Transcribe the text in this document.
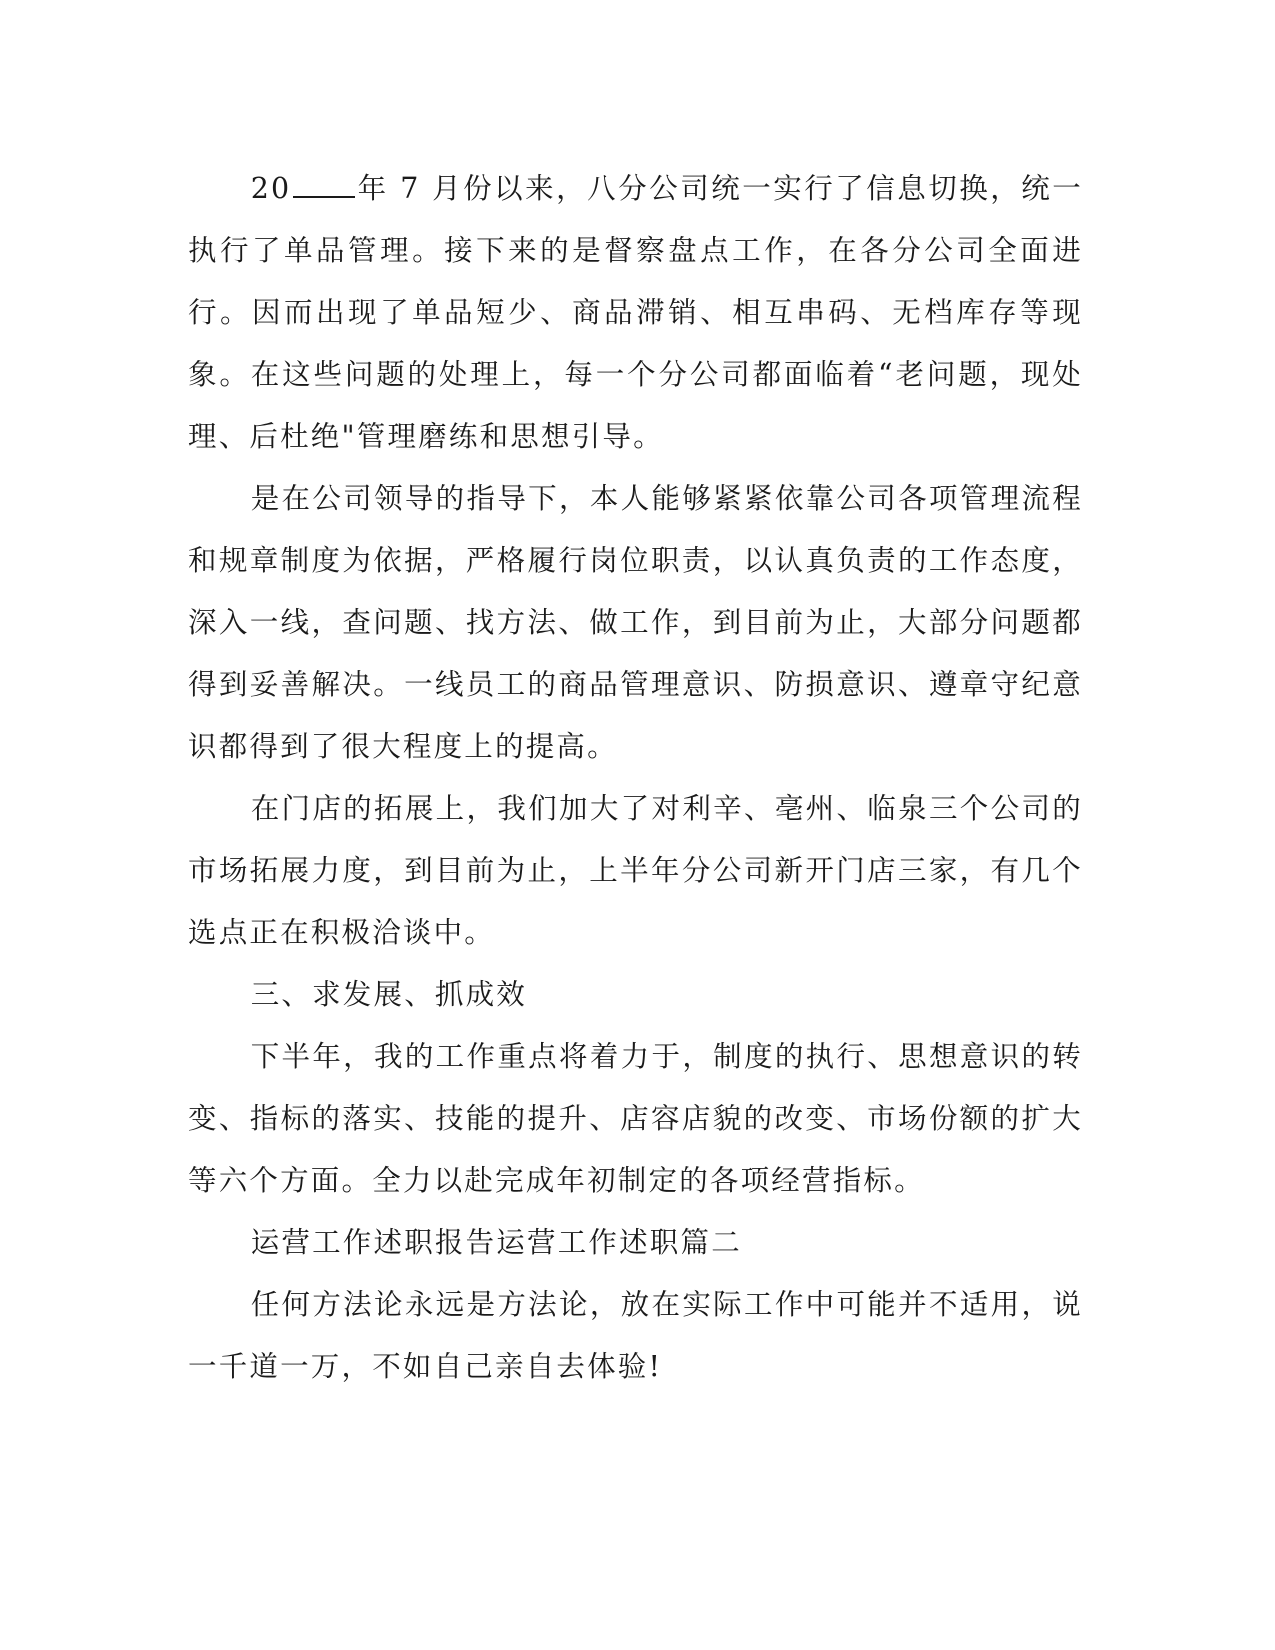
20 年 7 月份以来，八分公司统一实行了信息切换，统一执行了单品管理。接下来的是督察盘点工作，在各分公司全面进行。因而出现了单品短少、商品滞销、相互串码、无档库存等现象。在这些问题的处理上，每一个分公司都面临着“老问题，现处理、后杜绝"管理磨练和思想引导。

是在公司领导的指导下，本人能够紧紧依靠公司各项管理流程和规章制度为依据，严格履行岗位职责，以认真负责的工作态度，深入一线，查问题、找方法、做工作，到目前为止，大部分问题都得到妥善解决。一线员工的商品管理意识、防损意识、遵章守纪意识都得到了很大程度上的提高。

在门店的拓展上，我们加大了对利辛、亳州、临泉三个公司的市场拓展力度，到目前为止，上半年分公司新开门店三家，有几个选点正在积极洽谈中。

三、求发展、抓成效

下半年，我的工作重点将着力于，制度的执行、思想意识的转变、指标的落实、技能的提升、店容店貌的改变、市场份额的扩大等六个方面。全力以赴完成年初制定的各项经营指标。

运营工作述职报告运营工作述职篇二

任何方法论永远是方法论，放在实际工作中可能并不适用，说一千道一万，不如自己亲自去体验!
